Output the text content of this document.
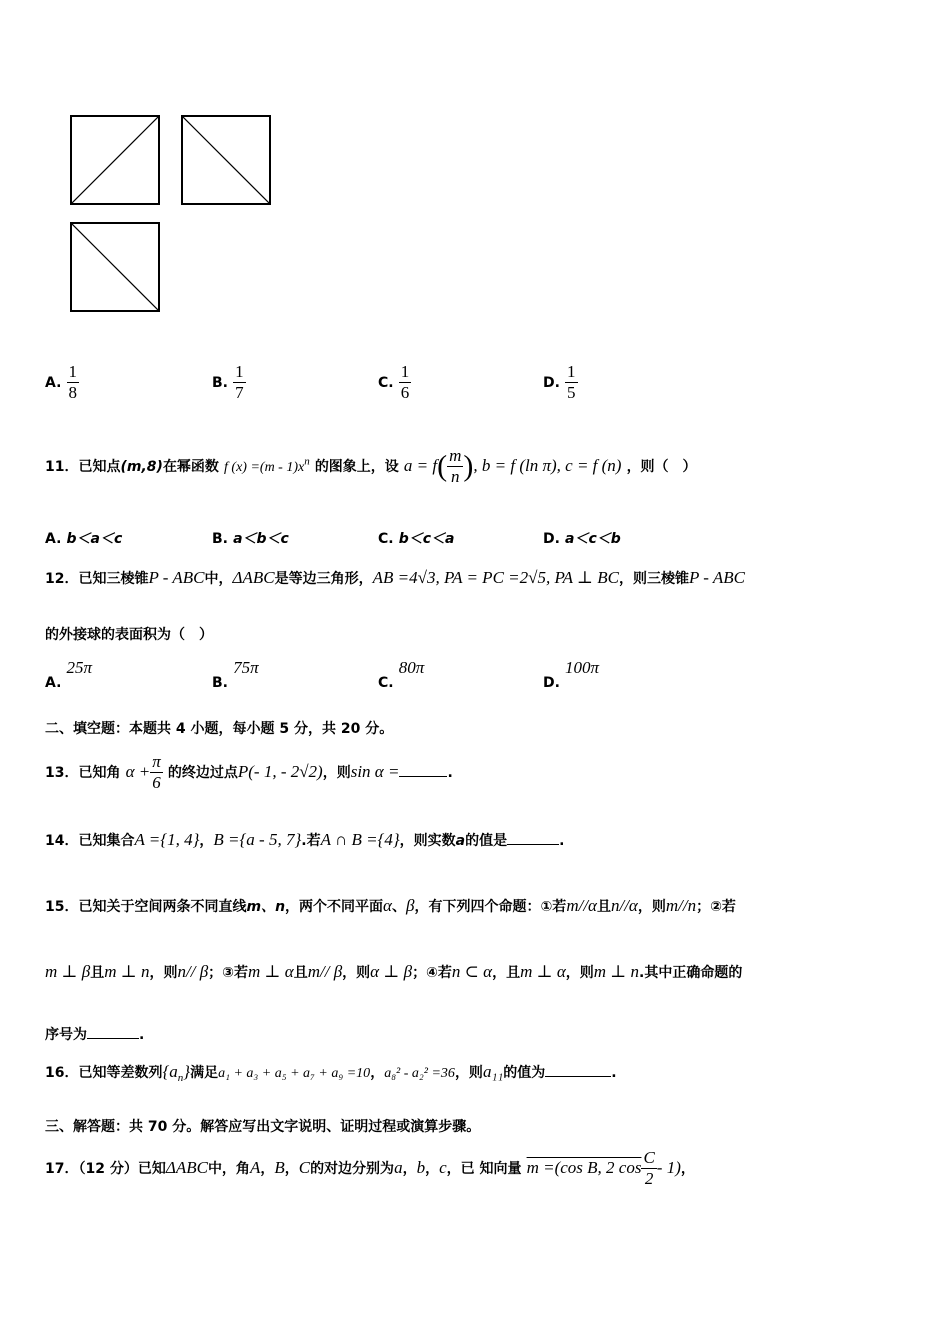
A. $\frac{1}{8}$	B. $\frac{1}{7}$	C. $\frac{1}{6}$	D. $\frac{1}{5}$
11．已知点(m,8)在幂函数 f $(x) =(m - 1)x^n$ 的图象上，设 $a = f( \frac{m}{n}$ ), b = f (ln π), c = f (n) ，则（　）
A. b＜a＜c	B. a＜b＜c	C. b＜c＜a	D. a＜c＜b
12．已知三棱锥P - ABC中，ΔABC是等边三角形，AB =4√3, PA = PC =2√5, PA ⊥ BC，则三棱锥P - ABC
的外接球的表面积为（　）
A. 25π
B. 75π
C. 80π
D. 100π
二、填空题：本题共 4 小题，每小题 5 分，共 20 分。
13．已知角 $\alpha + \frac{\pi}{6}$ 的终边过点P(- 1, - 2√2)，则sin α =	.
14．已知集合A ={1, 4}，B ={a - 5, 7}.若A ∩ B ={4}，则实数a的值是	.
15．已知关于空间两条不同直线m、n，两个不同平面α、β，有下列四个命题：①若m//α且n//α，则m//n；②若
m ⊥ β且m ⊥ n，则n// β；③若m ⊥ α且m// β，则α ⊥ β；④若n ⊂ α，且m ⊥ α，则m ⊥ n.其中正确命题的
序号为	.
16．已知等差数列$\{a_n\}$满足a₁ + a₃ + a₅ + a₇ + a₉ =10，a₈² - a₂² =36，则a₁₁的值为	.
三、解答题：共 70 分。解答应写出文字说明、证明过程或演算步骤。
17．（12 分）已知ΔABC中，角A，B，C的对边分别为a，b，c，已 知向量 m =(cos B, 2 $\cos \frac{C}{2} - 1$)，
